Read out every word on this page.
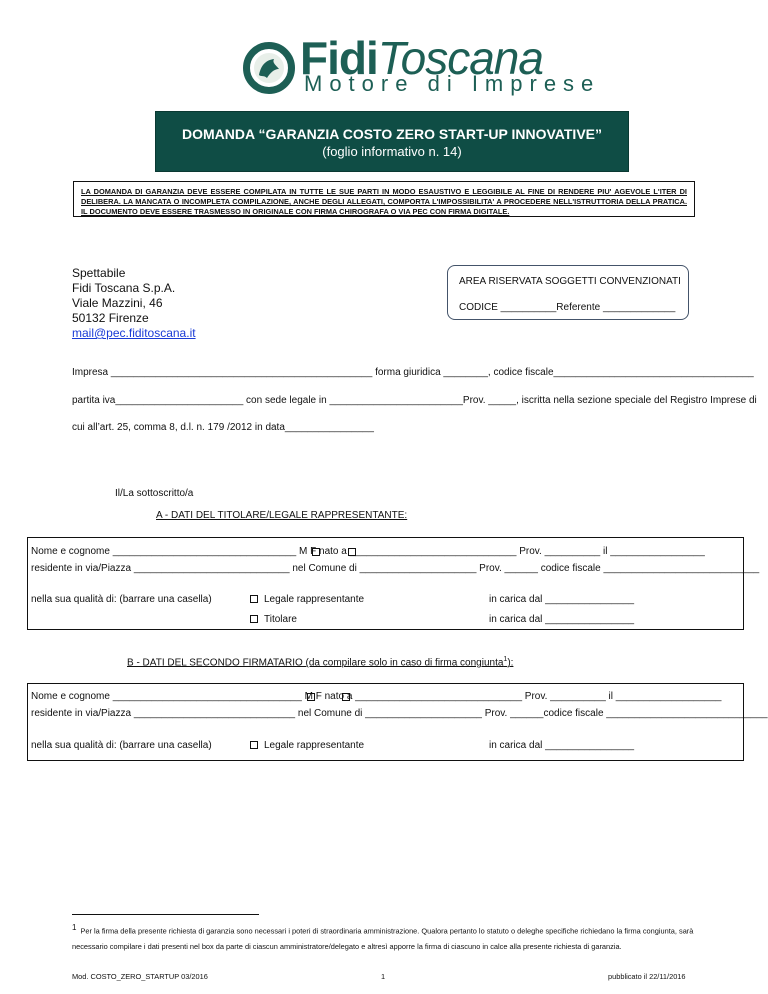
FidiToscana
Motore di Imprese
DOMANDA “GARANZIA COSTO ZERO START-UP INNOVATIVE”
(foglio informativo n. 14)
LA DOMANDA DI GARANZIA DEVE ESSERE COMPILATA IN TUTTE LE SUE PARTI IN MODO ESAUSTIVO E LEGGIBILE AL FINE DI RENDERE PIU' AGEVOLE L'ITER DI DELIBERA. LA MANCATA O INCOMPLETA COMPILAZIONE, ANCHE DEGLI ALLEGATI, COMPORTA L'IMPOSSIBILITA' A PROCEDERE NELL'ISTRUTTORIA DELLA PRATICA. IL DOCUMENTO DEVE ESSERE TRASMESSO IN ORIGINALE CON FIRMA CHIROGRAFA O VIA PEC CON FIRMA DIGITALE.
Spettabile
Fidi Toscana S.p.A.
Viale Mazzini, 46
50132 Firenze
mail@pec.fiditoscana.it
AREA RISERVATA SOGGETTI CONVENZIONATI
CODICE __________Referente _____________
Impresa _______________________________________________ forma giuridica ________, codice fiscale____________________________________
partita iva_______________________ con sede legale in ________________________Prov. _____, iscritta nella sezione speciale del Registro Imprese di
cui all’art. 25, comma 8, d.l. n. 179 /2012 in data________________
Il/La sottoscritto/a
A - DATI DEL TITOLARE/LEGALE RAPPRESENTANTE:
Nome e cognome _________________________________ M F nato a ______________________________ Prov. __________ il _________________
residente in via/Piazza ____________________________ nel Comune di _____________________ Prov. ______ codice fiscale ____________________________
nella sua qualità di: (barrare una casella)	Legale rappresentante	in carica dal ________________
Titolare	in carica dal ________________
B - DATI DEL SECONDO FIRMATARIO (da compilare solo in caso di firma congiunta$^1$):
Nome e cognome __________________________________ M F nato a ______________________________ Prov. __________ il ___________________
residente in via/Piazza _____________________________ nel Comune di _____________________ Prov. ______codice fiscale _____________________________
nella sua qualità di: (barrare una casella)	Legale rappresentante	in carica dal ________________
$^1$ Per la firma della presente richiesta di garanzia sono necessari i poteri di straordinaria amministrazione. Qualora pertanto lo statuto o deleghe specifiche richiedano la firma congiunta, sarà necessario compilare i dati presenti nel box da parte di ciascun amministratore/delegato e altresì apporre la firma di ciascuno in calce alla presente richiesta di garanzia.
Mod. COSTO_ZERO_STARTUP 03/2016	1	pubblicato il 22/11/2016
